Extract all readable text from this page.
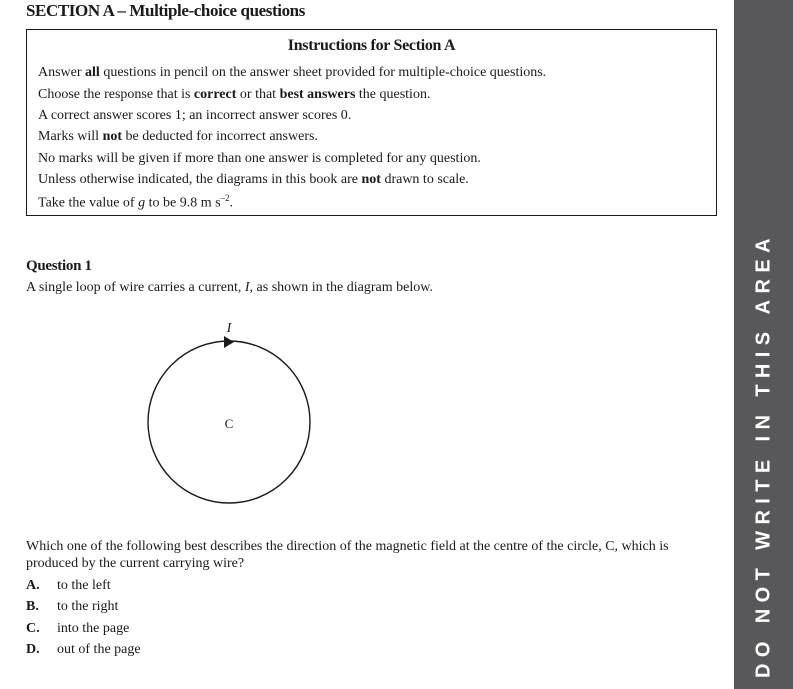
SECTION A – Multiple-choice questions
Instructions for Section A
Answer all questions in pencil on the answer sheet provided for multiple-choice questions.
Choose the response that is correct or that best answers the question.
A correct answer scores 1; an incorrect answer scores 0.
Marks will not be deducted for incorrect answers.
No marks will be given if more than one answer is completed for any question.
Unless otherwise indicated, the diagrams in this book are not drawn to scale.
Take the value of g to be 9.8 m $s^{-2}$.
Question 1
A single loop of wire carries a current, I, as shown in the diagram below.
I
C
Which one of the following best describes the direction of the magnetic field at the centre of the circle, C, which is
produced by the current carrying wire?
A. to the left
B. to the right
C. into the page
D. out of the page	DO NOT WRITE IN THIS AREA
